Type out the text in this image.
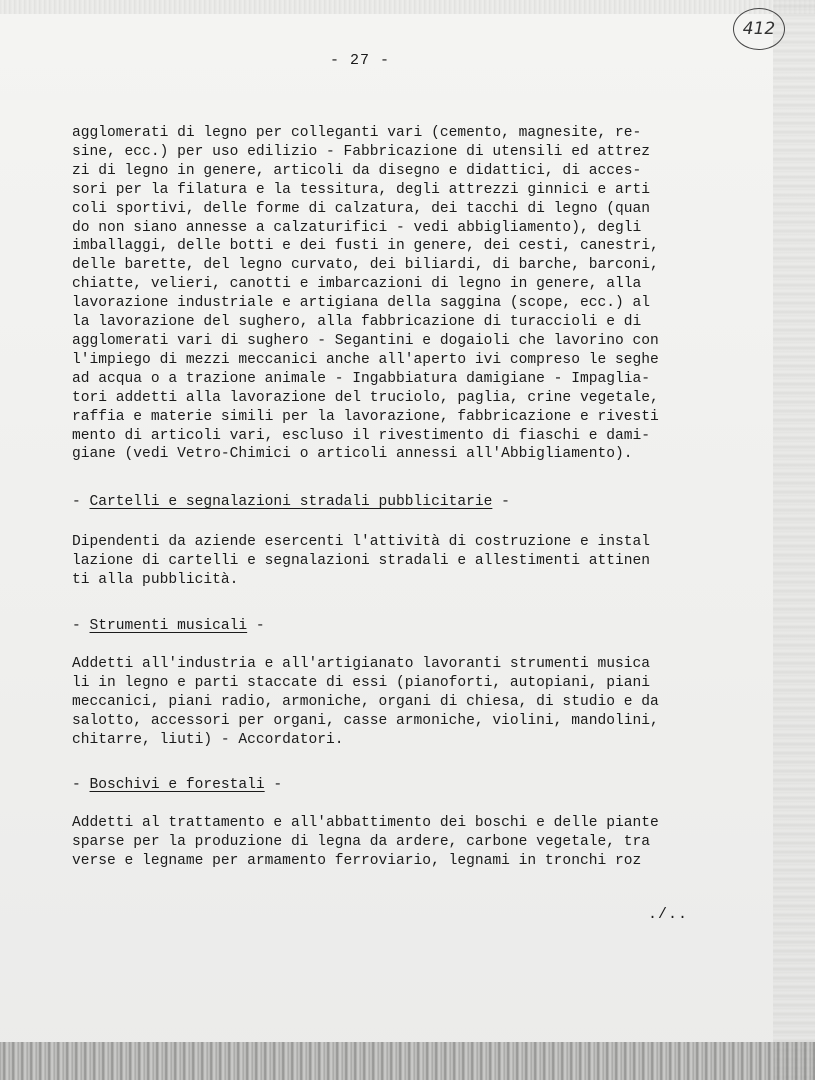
412
- 27 -
agglomerati di legno per colleganti vari (cemento, magnesite, re-
sine, ecc.) per uso edilizio - Fabbricazione di utensili ed attrez
zi di legno in genere, articoli da disegno e didattici, di acces-
sori per la filatura e la tessitura, degli attrezzi ginnici e arti
coli sportivi, delle forme di calzatura, dei tacchi di legno (quan
do non siano annesse a calzaturifici - vedi abbigliamento), degli
imballaggi, delle botti e dei fusti in genere, dei cesti, canestri,
delle barette, del legno curvato, dei biliardi, di barche, barconi,
chiatte, velieri, canotti e imbarcazioni di legno in genere, alla
lavorazione industriale e artigiana della saggina (scope, ecc.) al
la lavorazione del sughero, alla fabbricazione di turaccioli e di
agglomerati vari di sughero - Segantini e dogaioli che lavorino con
l'impiego di mezzi meccanici anche all'aperto ivi compreso le seghe
ad acqua o a trazione animale - Ingabbiatura damigiane - Impaglia-
tori addetti alla lavorazione del truciolo, paglia, crine vegetale,
raffia e materie simili per la lavorazione, fabbricazione e rivesti
mento di articoli vari, escluso il rivestimento di fiaschi e dami-
giane (vedi Vetro-Chimici o articoli annessi all'Abbigliamento).
- Cartelli e segnalazioni stradali pubblicitarie -
Dipendenti da aziende esercenti l'attività di costruzione e instal
lazione di cartelli e segnalazioni stradali e allestimenti attinen
ti alla pubblicità.
- Strumenti musicali -
Addetti all'industria e all'artigianato lavoranti strumenti musica
li in legno e parti staccate di essi (pianoforti, autopiani, piani
meccanici, piani radio, armoniche, organi di chiesa, di studio e da
salotto, accessori per organi, casse armoniche, violini, mandolini,
chitarre, liuti) - Accordatori.
- Boschivi e forestali -
Addetti al trattamento e all'abbattimento dei boschi e delle piante
sparse per la produzione di legna da ardere, carbone vegetale, tra
verse e legname per armamento ferroviario, legnami in tronchi roz
./..
